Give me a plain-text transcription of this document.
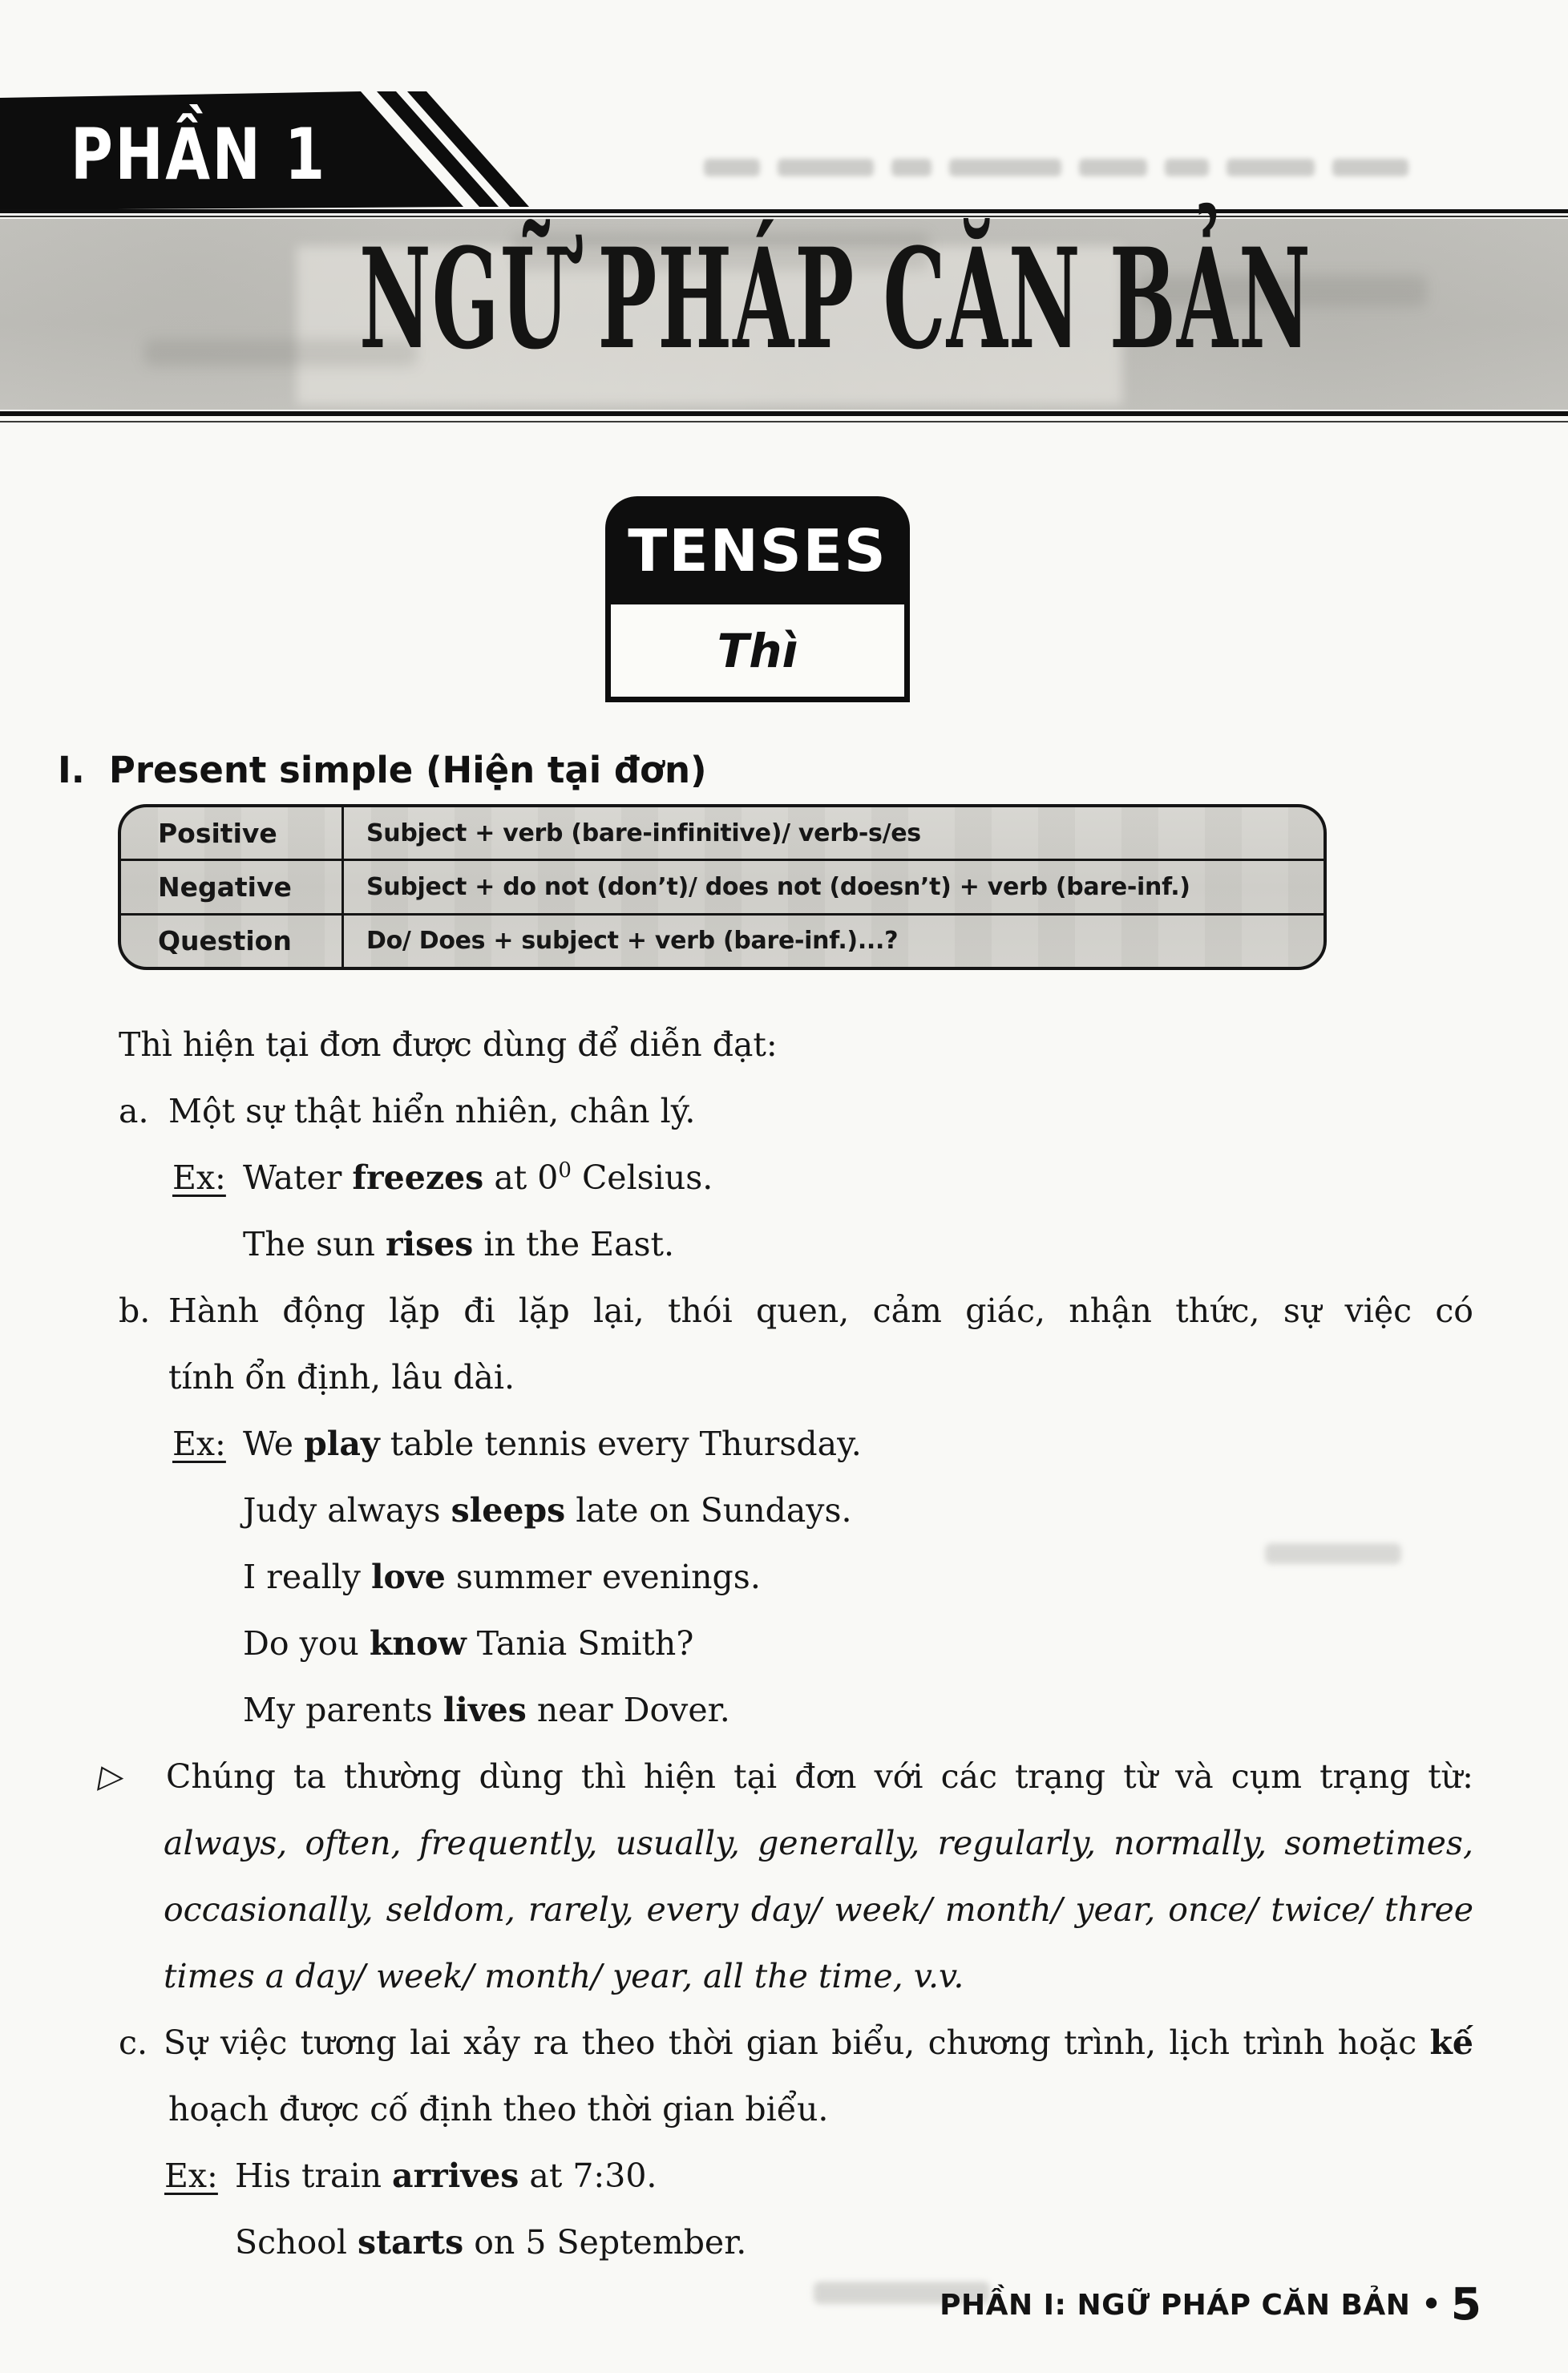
PHẦN 1
NGỮ PHÁP CĂN BẢN
TENSES
Thì
I. Present simple (Hiện tại đơn)
Positive	Subject + verb (bare-infinitive)/ verb-s/es
Negative	Subject + do not (don’t)/ does not (doesn’t) + verb (bare-inf.)
Question	Do/ Does + subject + verb (bare-inf.)...?
Thì hiện tại đơn được dùng để diễn đạt:
a. Một sự thật hiển nhiên, chân lý.
Ex: Water freezes at $0^0$ Celsius.
The sun rises in the East.
b. Hành động lặp đi lặp lại, thói quen, cảm giác, nhận thức, sự việc có
tính ổn định, lâu dài.
Ex: We play table tennis every Thursday.
Judy always sleeps late on Sundays.
I really love summer evenings.
Do you know Tania Smith?
My parents lives near Dover.
▷ Chúng ta thường dùng thì hiện tại đơn với các trạng từ và cụm trạng từ:
always, often, frequently, usually, generally, regularly, normally, sometimes,
occasionally, seldom, rarely, every day/ week/ month/ year, once/ twice/ three
times a day/ week/ month/ year, all the time, v.v.
c. Sự việc tương lai xảy ra theo thời gian biểu, chương trình, lịch trình hoặc kế
hoạch được cố định theo thời gian biểu.
Ex: His train arrives at 7:30.
School starts on 5 September.
PHẦN I: NGỮ PHÁP CĂN BẢN • 5
